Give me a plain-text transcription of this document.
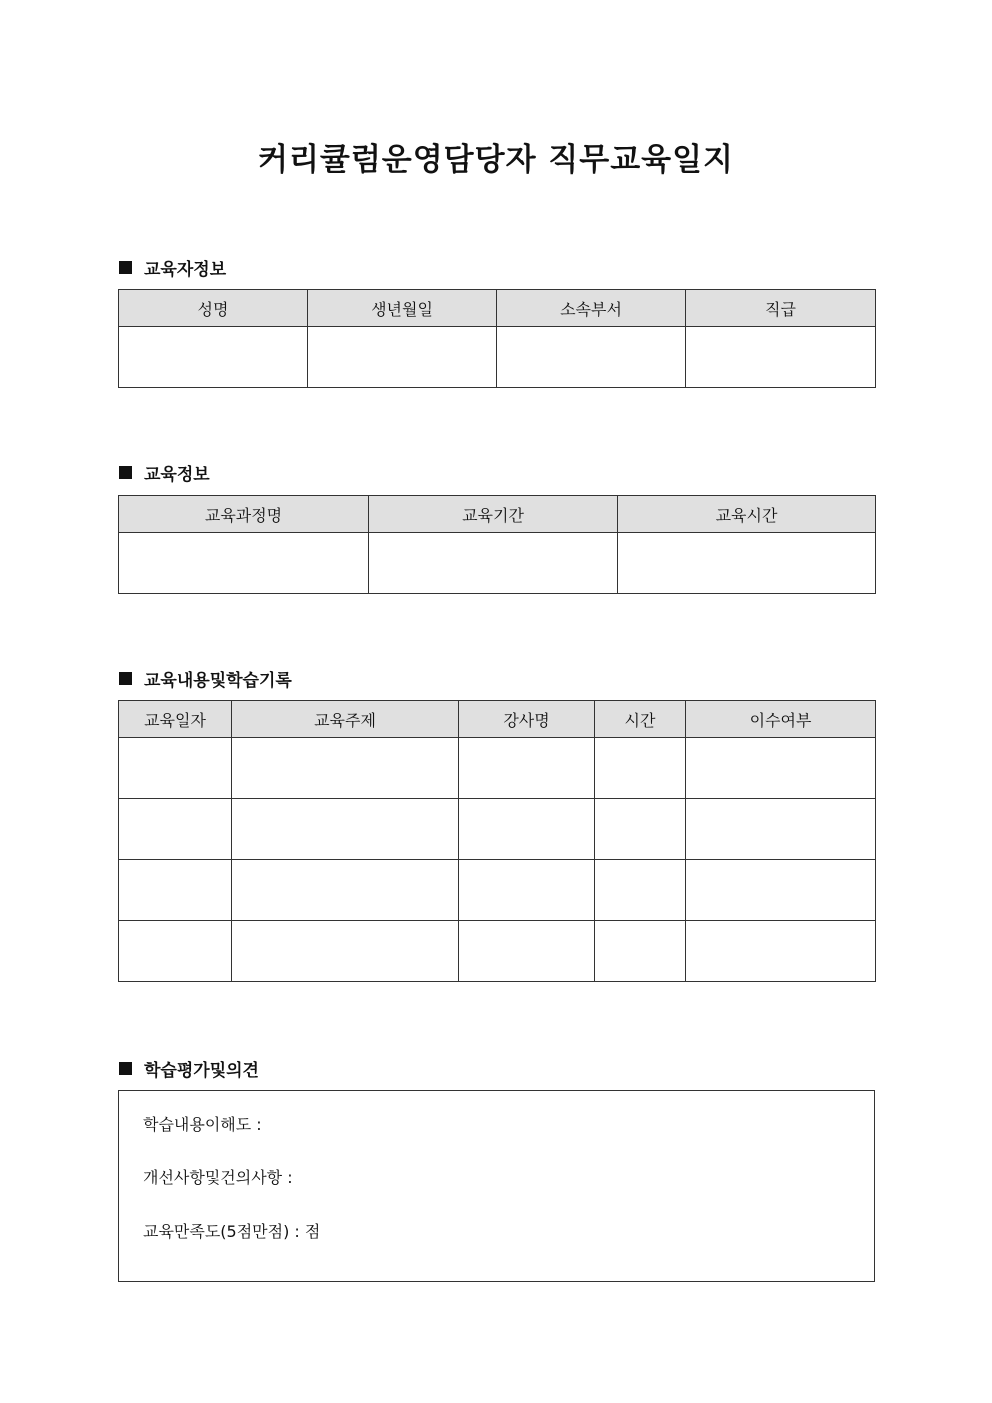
커리큘럼운영담당자 직무교육일지
교육자정보
성명	생년월일	소속부서	직급

교육정보
교육과정명	교육기간	교육시간

교육내용및학습기록
교육일자	교육주제	강사명	시간	이수여부

학습평가및의견
학습내용이해도 :
개선사항및건의사항 :
교육만족도(5점만점) : 점
